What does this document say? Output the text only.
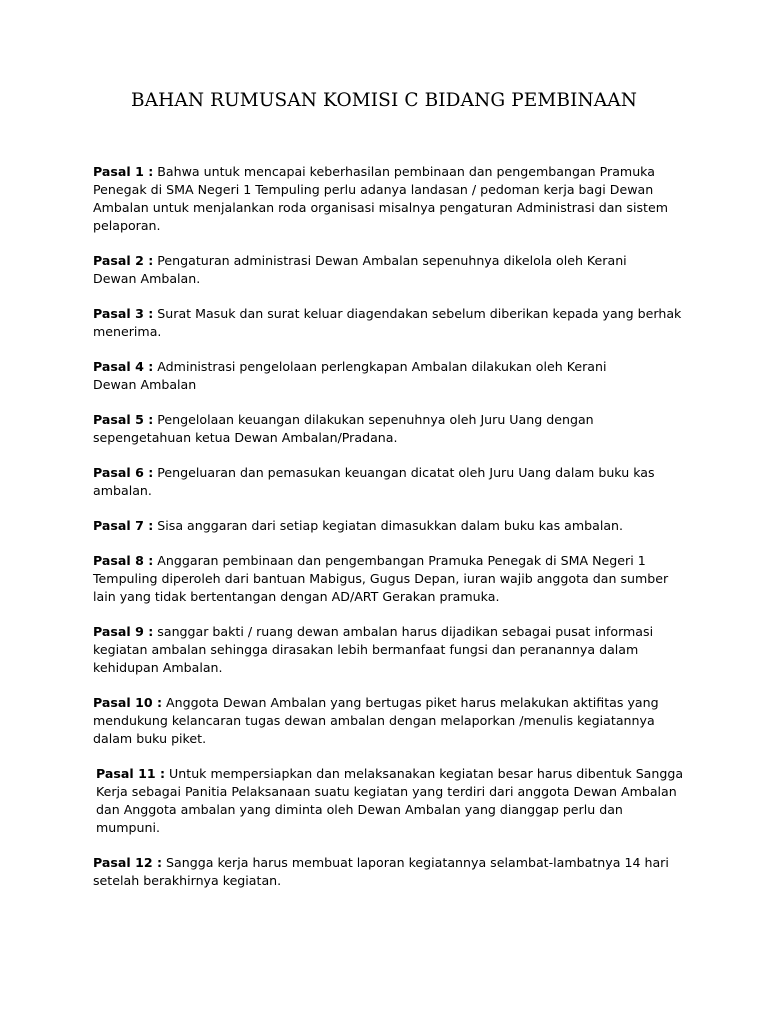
BAHAN RUMUSAN KOMISI C BIDANG PEMBINAAN

Pasal 1 : Bahwa untuk mencapai keberhasilan pembinaan dan pengembangan Pramuka
Penegak di SMA Negeri 1 Tempuling perlu adanya landasan / pedoman kerja bagi Dewan
Ambalan untuk menjalankan roda organisasi misalnya pengaturan Administrasi dan sistem
pelaporan.

Pasal 2 : Pengaturan administrasi Dewan Ambalan sepenuhnya dikelola oleh Kerani
Dewan Ambalan.

Pasal 3 : Surat Masuk dan surat keluar diagendakan sebelum diberikan kepada yang berhak
menerima.

Pasal 4 : Administrasi pengelolaan perlengkapan Ambalan dilakukan oleh Kerani
Dewan Ambalan

Pasal 5 : Pengelolaan keuangan dilakukan sepenuhnya oleh Juru Uang dengan
sepengetahuan ketua Dewan Ambalan/Pradana.

Pasal 6 : Pengeluaran dan pemasukan keuangan dicatat oleh Juru Uang dalam buku kas
ambalan.

Pasal 7 : Sisa anggaran dari setiap kegiatan dimasukkan dalam buku kas ambalan.

Pasal 8 : Anggaran pembinaan dan pengembangan Pramuka Penegak di SMA Negeri 1
Tempuling diperoleh dari bantuan Mabigus, Gugus Depan, iuran wajib anggota dan sumber
lain yang tidak bertentangan dengan AD/ART Gerakan pramuka.

Pasal 9 : sanggar bakti / ruang dewan ambalan harus dijadikan sebagai pusat informasi
kegiatan ambalan sehingga dirasakan lebih bermanfaat fungsi dan peranannya dalam
kehidupan Ambalan.

Pasal 10 : Anggota Dewan Ambalan yang bertugas piket harus melakukan aktifitas yang
mendukung kelancaran tugas dewan ambalan dengan melaporkan /menulis kegiatannya
dalam buku piket.

Pasal 11 : Untuk mempersiapkan dan melaksanakan kegiatan besar harus dibentuk Sangga
Kerja sebagai Panitia Pelaksanaan suatu kegiatan yang terdiri dari anggota Dewan Ambalan
dan Anggota ambalan yang diminta oleh Dewan Ambalan yang dianggap perlu dan
mumpuni.

Pasal 12 : Sangga kerja harus membuat laporan kegiatannya selambat-lambatnya 14 hari
setelah berakhirnya kegiatan.
